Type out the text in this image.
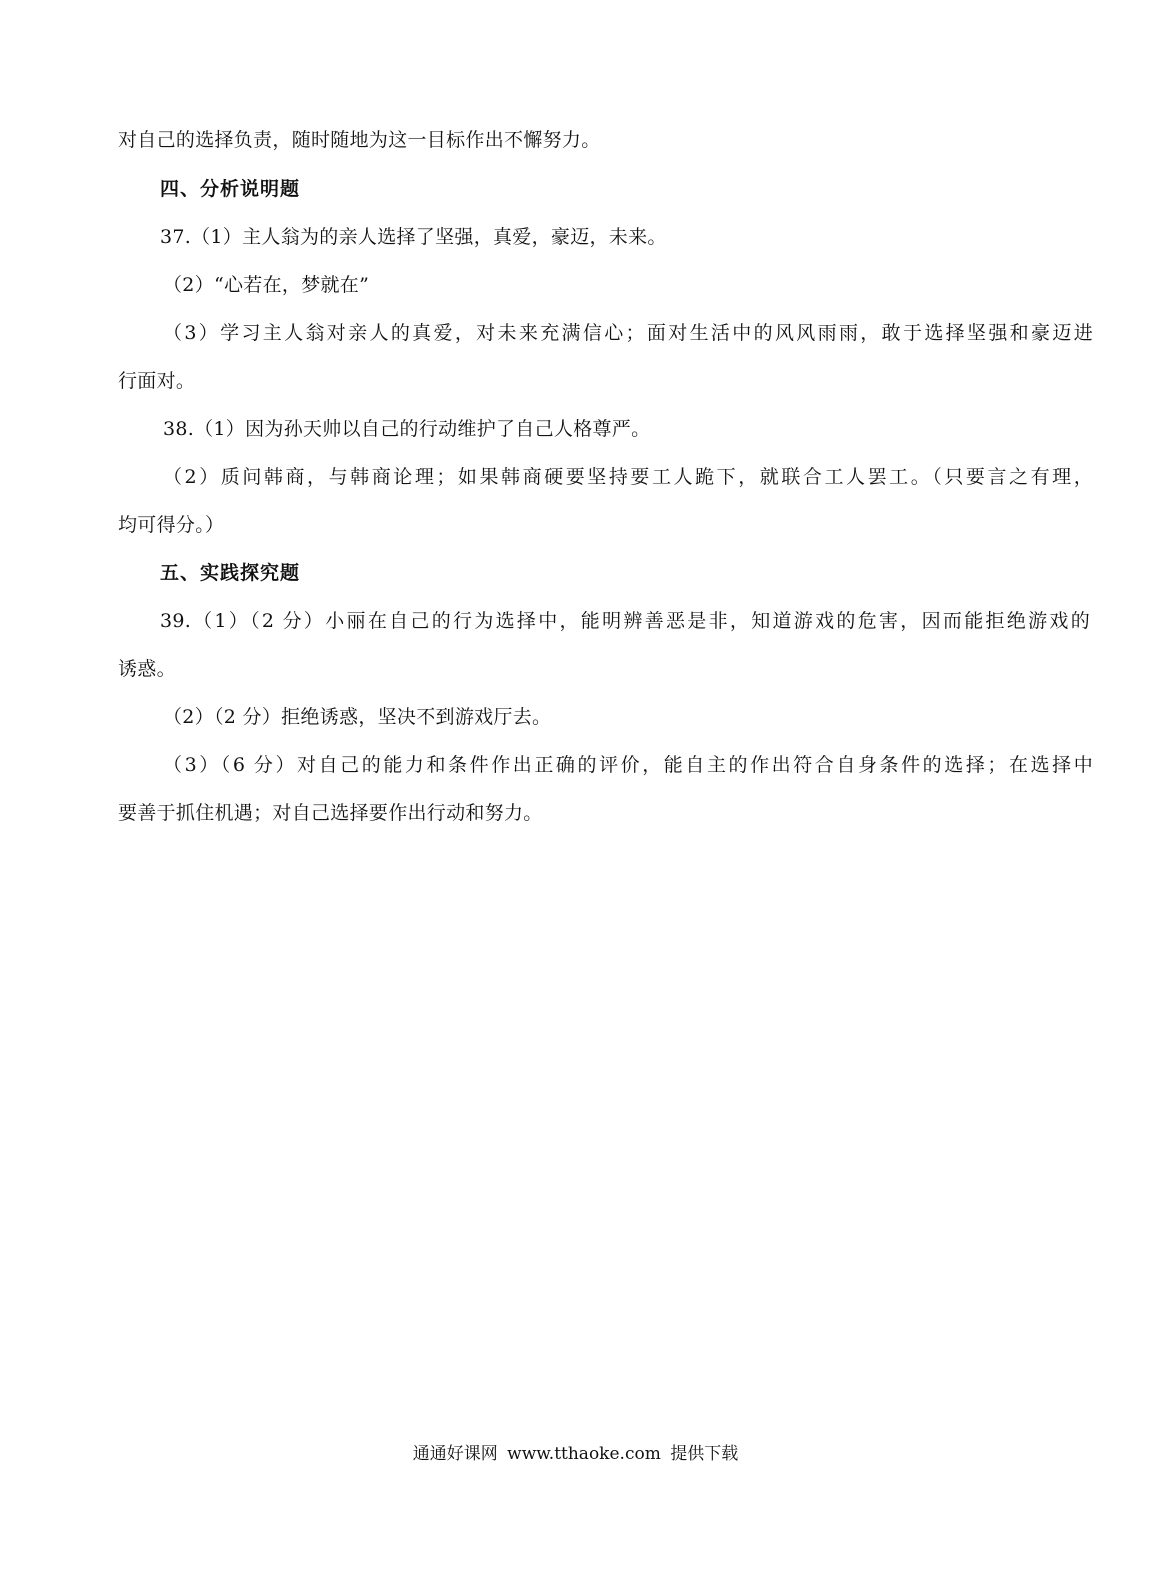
对自己的选择负责，随时随地为这一目标作出不懈努力。
四、分析说明题
37.（1）主人翁为的亲人选择了坚强，真爱，豪迈，未来。
（2）“心若在，梦就在”
（3）学习主人翁对亲人的真爱，对未来充满信心；面对生活中的风风雨雨，敢于选择坚强和豪迈进
行面对。
38.（1）因为孙天帅以自己的行动维护了自己人格尊严。
（2）质问韩商，与韩商论理；如果韩商硬要坚持要工人跪下，就联合工人罢工。（只要言之有理，
均可得分。）
五、实践探究题
39.（1）（2 分）小丽在自己的行为选择中，能明辨善恶是非，知道游戏的危害，因而能拒绝游戏的
诱惑。
（2）（2 分）拒绝诱惑，坚决不到游戏厅去。
（3）（6 分）对自己的能力和条件作出正确的评价，能自主的作出符合自身条件的选择；在选择中
要善于抓住机遇；对自己选择要作出行动和努力。
通通好课网 www.tthaoke.com 提供下载
